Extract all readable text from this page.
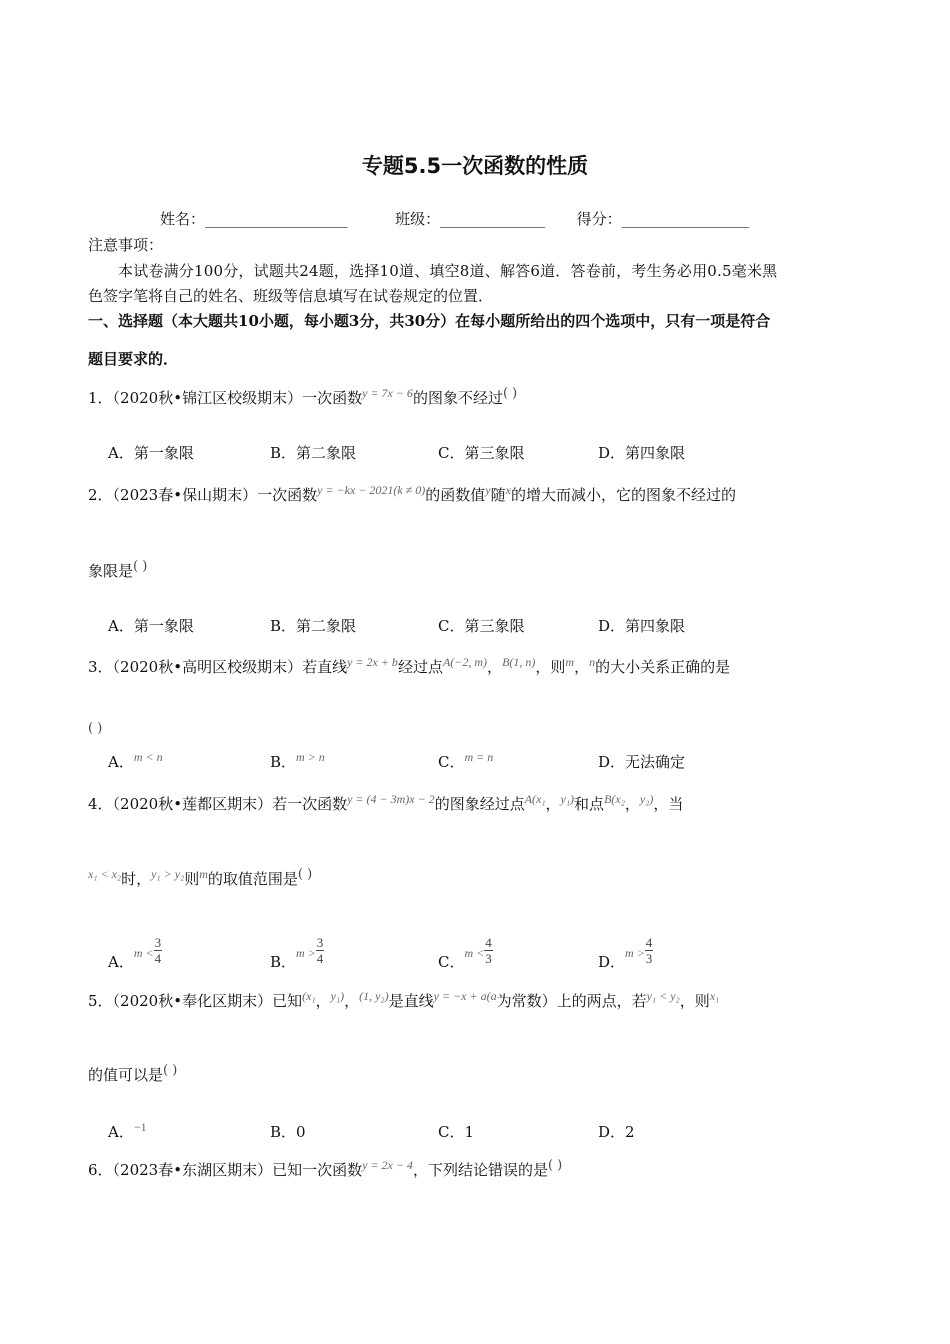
专题5.5一次函数的性质
姓名：___________________	班级：______________ 得分：_________________
注意事项：
本试卷满分100分，试题共24题，选择10道、填空8道、解答6道．答卷前，考生务必用0.5毫米黑
色签字笔将自己的姓名、班级等信息填写在试卷规定的位置．
一、选择题（本大题共10小题，每小题3分，共30分）在每小题所给出的四个选项中，只有一项是符合
题目要求的．
1．（2020秋•锦江区校级期末）一次函数$^{y = 7x - 6}$的图象不经过( )
A．第一象限	B．第二象限	C．第三象限	D．第四象限
2．（2023春•保山期末）一次函数$^{y = -kx - 2021(k \ne 0)}$的函数值$^y$随$^x$的增大而减小，它的图象不经过的
象限是( )
A．第一象限	B．第二象限	C．第三象限	D．第四象限
3．（2020秋•高明区校级期末）若直线$^{y = 2x + b}$经过点$^{A(-2, m)}$，$^{B(1, n)}$，则$^m$，$^n$的大小关系正确的是
( )
A．$^{m < n}$	B．$^{m > n}$	C．$^{m = n}$	D．无法确定
4．（2020秋•莲都区期末）若一次函数$^{y = (4 - 3m)x - 2}$的图象经过点$^{A(x_1}$，$^{y_1)}$和点$^{B(x_2}$，$^{y_2)}$，当
$^{x_1 < x_2}$时，$^{y_1 > y_2}$则$^m$的取值范围是( )
A．$_{m <} \frac{3}{4}$	B．$_{m >} \frac{3}{4}$	C．$_{m <} \frac{4}{3}$	D．$_{m >} \frac{4}{3}$
5．（2020秋•奉化区期末）已知$^{(x_1}$，$^{y_1)}$，$^{(1, y_2)}$是直线$^{y = -x + a(a}$为常数）上的两点，若$^{y_1 < y_2}$，则$^{x_1}$
的值可以是( )
A．$^{-1}$	B．0	C．1	D．2
6．（2023春•东湖区期末）已知一次函数$^{y = 2x - 4}$，下列结论错误的是( )
